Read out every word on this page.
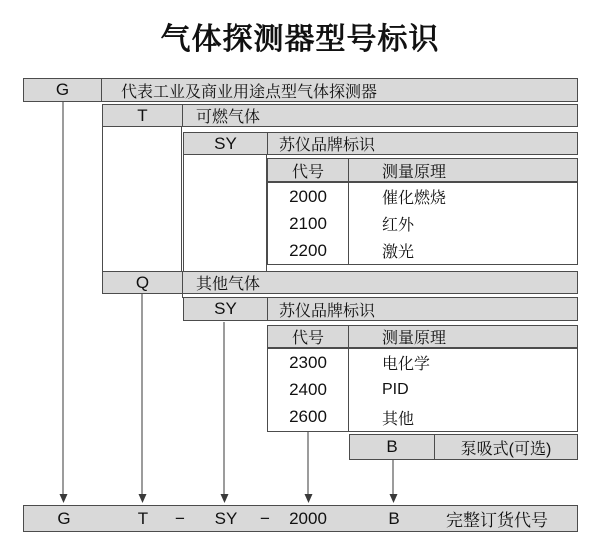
气体探测器型号标识
G	代表工业及商业用途点型气体探测器
T	可燃气体
SY	苏仪品牌标识
代号	测量原理
2000	催化燃烧
2100	红外
2200	激光
Q	其他气体
SY	苏仪品牌标识
代号	测量原理
2300	电化学
2400	PID
2600	其他
B	泵吸式(可选)
G	T − SY − 2000	B	完整订货代号
